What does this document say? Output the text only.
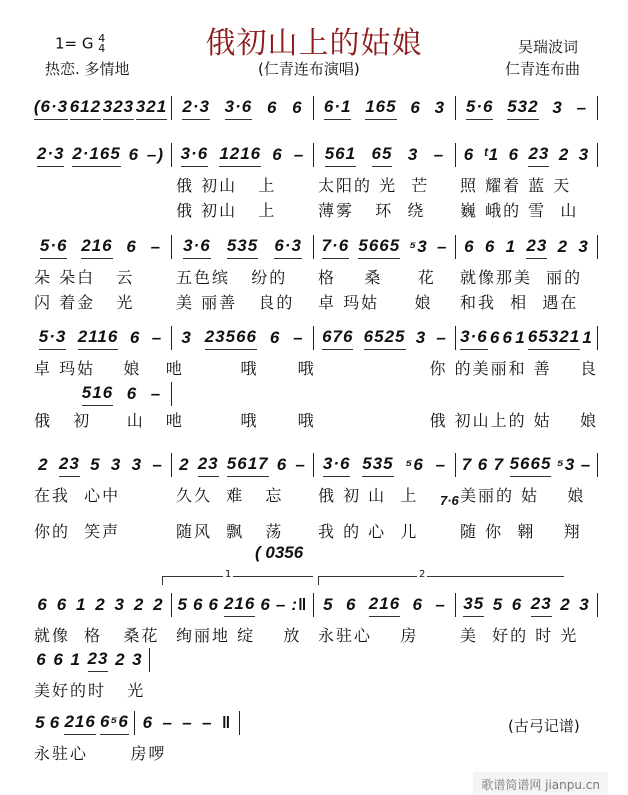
1= G 4
4	俄初山上的姑娘	吴瑞波词
热恋. 多情地	(仁青连布演唱)	仁青连布曲
(6·3 612 323 321 2·3 3·6 6 6 6·1 165 6 3 5·6 532 3 –
2·3 2·165 6 –) 3·6 1216 6 – 561 65 3 – 6 ᵗ1 6 23 2 3
俄 初山   上	太阳的 光  芒	照 耀着 蓝 天
俄 初山   上	薄雾   环  绕	巍 峨的 雪  山
5·6 216 6 – 3·6 535 6·3 7·6 5665 ⁵3 – 6 6 1 23 2 3
朵 朵白   云	五色缤   纷的	格    桑     花	就像那美  丽的
闪 着金   光	美 丽善   良的	卓 玛姑     娘	和我  相  遇在
5·3 2116 6 – 3 23566 6 – 676 6525 3 – 3·6 6 6 1 65321 1
卓 玛姑    娘	吔        哦	哦	你 的美丽和 善    良
516 6 –
俄   初     山	吔        哦	哦	俄 初山上的 姑    娘
2 23 5 3 3 – 2 23 5617 6 – 3·6 535 ⁵6 – 7 6 7 5665 ⁵3 –
在我  心中	久久  难   忘	俄 初 山  上	美丽的 姑    娘
7·6
你的  笑声	随风  飘   荡	我 的 心  儿	随 你  翱    翔
6 6 1 2 3 2 2 5 6 6 216 6 – :‖ 5 6 216 6 – 35 5 6 23 2 3
就像  格   桑花	绚丽地 绽    放	永驻心    房	美  好的 时 光
6 6 1 23 2 3
美好的时   光
5 6 216 6⁵6 6 – – – ‖
永驻心      房啰
( 0356
1	2
(古弓记谱)
歌谱简谱网 jianpu.cn
